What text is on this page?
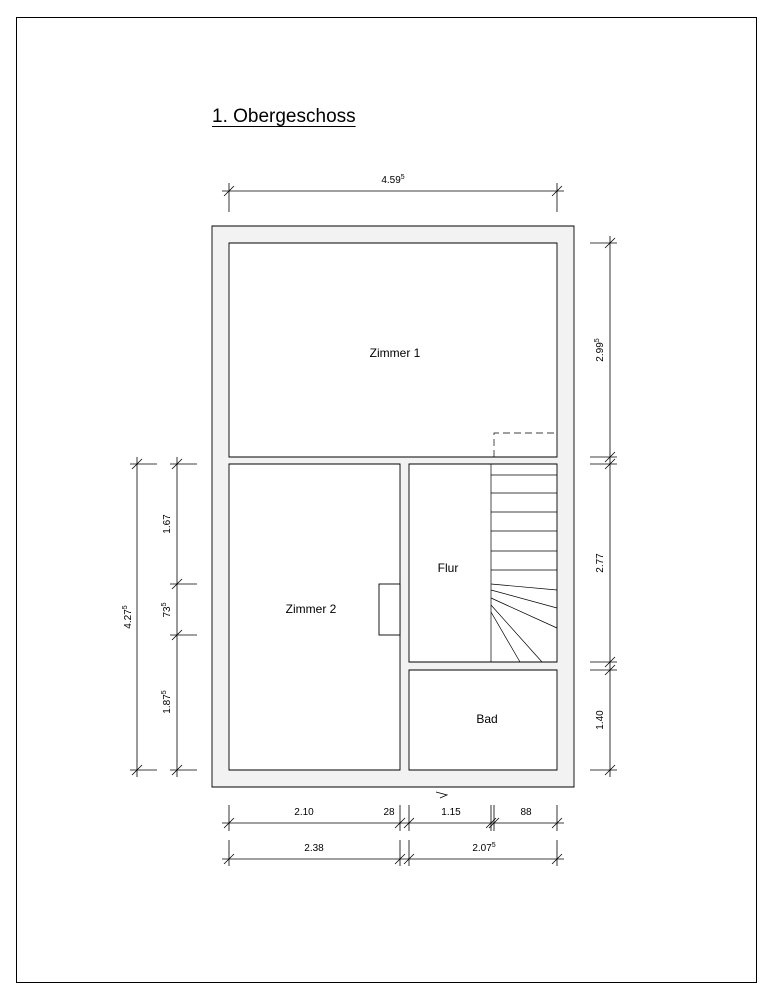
1. Obergeschoss
Zimmer 1
Zimmer 2
Flur
Bad
4.59$^5$
2.99$^5$
2.77
1.40
4.27$^5$
1.67
$73^5$
1.87$^5$
2.10	28	1.15	88
2.38	2.07$^5$
